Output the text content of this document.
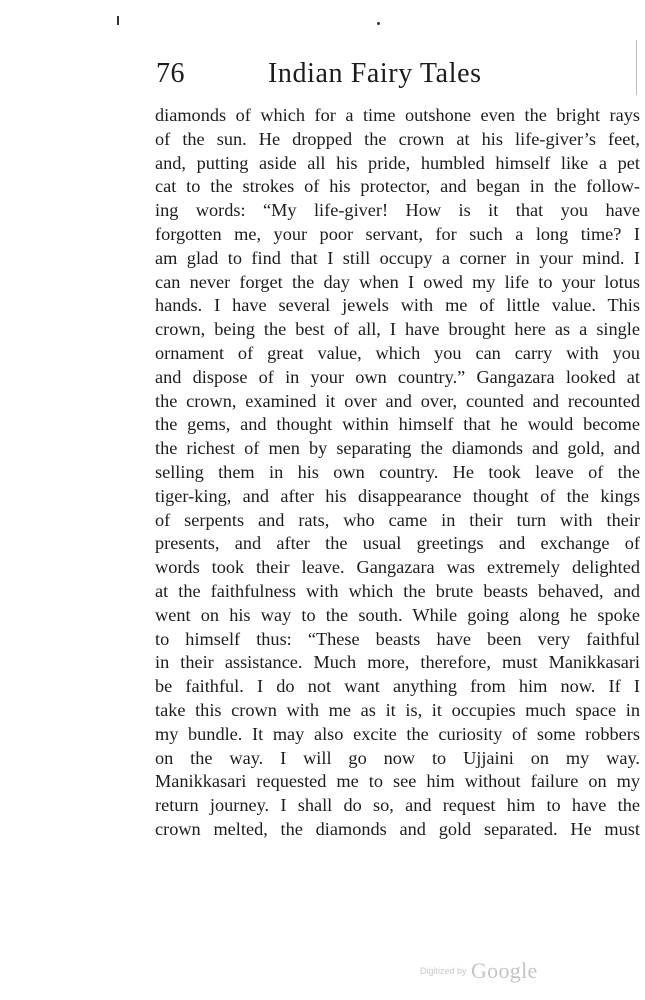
76	Indian Fairy Tales
diamonds of which for a time outshone even the bright rays
of the sun. He dropped the crown at his life-giver’s feet,
and, putting aside all his pride, humbled himself like a pet
cat to the strokes of his protector, and began in the follow-
ing words: “My life-giver! How is it that you have
forgotten me, your poor servant, for such a long time? I
am glad to find that I still occupy a corner in your mind. I
can never forget the day when I owed my life to your lotus
hands. I have several jewels with me of little value. This
crown, being the best of all, I have brought here as a single
ornament of great value, which you can carry with you
and dispose of in your own country.” Gangazara looked at
the crown, examined it over and over, counted and recounted
the gems, and thought within himself that he would become
the richest of men by separating the diamonds and gold, and
selling them in his own country. He took leave of the
tiger-king, and after his disappearance thought of the kings
of serpents and rats, who came in their turn with their
presents, and after the usual greetings and exchange of
words took their leave. Gangazara was extremely delighted
at the faithfulness with which the brute beasts behaved, and
went on his way to the south. While going along he spoke
to himself thus: “These beasts have been very faithful
in their assistance. Much more, therefore, must Manikkasari
be faithful. I do not want anything from him now. If I
take this crown with me as it is, it occupies much space in
my bundle. It may also excite the curiosity of some robbers
on the way. I will go now to Ujjaini on my way.
Manikkasari requested me to see him without failure on my
return journey. I shall do so, and request him to have the
crown melted, the diamonds and gold separated. He must
Digitized by Google
